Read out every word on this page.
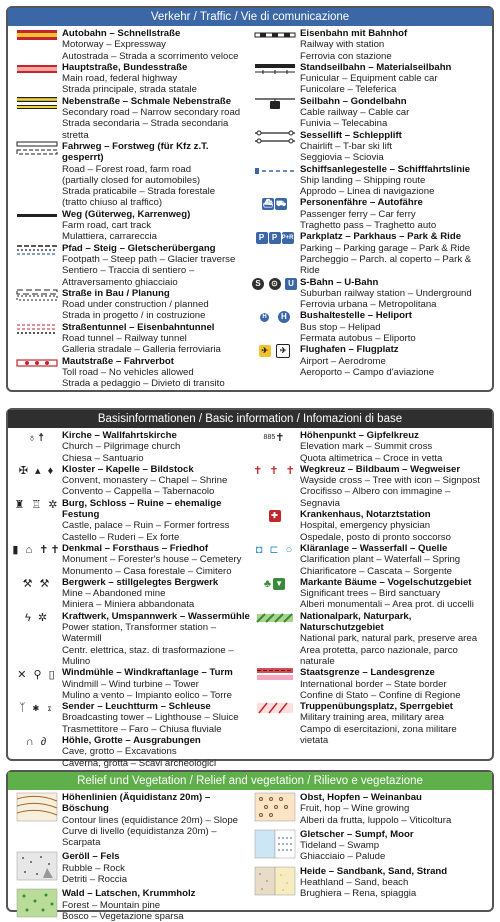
Verkehr / Traffic / Vie di comunicazione
Autobahn – Schnellstraße
Motorway – Expressway
Autostrada – Strada a scorrimento veloce
Hauptstraße, Bundesstraße
Main road, federal highway
Strada principale, strada statale
Nebenstraße – Schmale Nebenstraße
Secondary road – Narrow secondary road
Strada secondaria – Strada secondaria stretta
Fahrweg – Forstweg (für Kfz z.T. gesperrt)
Road – Forest road, farm road
(partially closed for automobiles)
Strada praticabile – Strada forestale
(tratto chiuso al traffico)
Weg (Güterweg, Karrenweg)
Farm road, cart track
Mulattiera, carrareccia
Pfad – Steig – Gletscherübergang
Footpath – Steep path – Glacier traverse
Sentiero – Traccia di sentiero –
Attraversamento ghiacciaio
Straße in Bau / Planung
Road under construction / planned
Strada in progetto / in costruzione
Straßentunnel – Eisenbahntunnel
Road tunnel – Railway tunnel
Galleria stradale – Galleria ferroviaria
Mautstraße – Fahrverbot
Toll road – No vehicles allowed
Strada a pedaggio – Divieto di transito
Eisenbahn mit Bahnhof
Railway with station
Ferrovia con stazione
Standseilbahn – Materialseilbahn
Funicular – Equipment cable car
Funicolare – Teleferica
Seilbahn – Gondelbahn
Cable railway – Cable car
Funivia – Telecabina
Sessellift – Schlepplift
Chairlift – T-bar ski lift
Seggiovia – Sciovia
Schiffsanlegestelle – Schifffahrtslinie
Ship landing – Shipping route
Approdo – Linea di navigazione
⛴ ⛟ Personenfähre – Autofähre
Passenger ferry – Car ferry
Traghetto pass – Traghetto auto
P P P+R Parkplatz – Parkhaus – Park & Ride
Parking – Parking garage – Park & Ride
Parcheggio – Parch. al coperto – Park & Ride
S
	⊙
	U S-Bahn – U-Bahn
Suburban railway station – Underground
Ferrovia urbana – Metropolitana
H
	H	Bushaltestelle – Heliport
Bus stop – Helipad
Fermata autobus – Eliporto
✈
	✈	Flughafen – Flugplatz
Airport – Aerodrome
Aeroporto – Campo d'aviazione
Basisinformationen / Basic information / Infomazioni di base
♁☨ Kirche – Wallfahrtskirche
Church – Pilgrimage church
Chiesa – Santuario
✠ ▴ ♦ Kloster – Kapelle – Bildstock
Convent, monastery – Chapel – Shrine
Convento – Cappella – Tabernacolo
♜ ♖ ✲ Burg, Schloss – Ruine – ehemalige Festung
Castle, palace – Ruin – Former fortress
Castello – Ruderi – Ex forte
▮ ⌂ ✝✝ Denkmal – Forsthaus – Friedhof
Monument – Forester's house – Cemetery
Monumento – Casa forestale – Cimitero
⚒ ⚒ Bergwerk – stillgelegtes Bergwerk
Mine – Abandoned mine
Miniera – Miniera abbandonata
ϟ ✲ Kraftwerk, Umspannwerk – Wassermühle
Power station, Transformer station – Watermill
Centr. elettrica, staz. di trasformazione – Mulino
✕ ⚲ ▯ Windmühle – Windkraftanlage – Turm
Windmill – Wind turbine – Tower
Mulino a vento – Impianto eolico – Torre
ᛉ ✱ ⧖ Sender – Leuchtturm – Schleuse
Broadcasting tower – Lighthouse – Sluice
Trasmettitore – Faro – Chiusa fluviale
∩ ∂ Höhle, Grotte – Ausgrabungen
Cave, grotto – Excavations
Caverna, grotta – Scavi archeologici
885 ✝ Höhenpunkt – Gipfelkreuz
Elevation mark – Summit cross
Quota altimetrica – Croce in vetta
✝ ✝ ✝ Wegkreuz – Bildbaum – Wegweiser
Wayside cross – Tree with icon – Signpost
Crocifisso – Albero con immagine – Segnavia
✚ Krankenhaus, Notarztstation
Hospital, emergency physician
Ospedale, posto di pronto soccorso
◘ ⊏ ○ Kläranlage – Wasserfall – Quelle
Clarification plant – Waterfall – Spring
Chiarificatore – Cascata – Sorgente
♣ ▼ Markante Bäume – Vogelschutzgebiet
Significant trees – Bird sanctuary
Alberi monumentali – Area prot. di uccelli
Nationalpark, Naturpark,
Naturschutzgebiet
National park, natural park, preserve area
Area protetta, parco nazionale, parco naturale
Staatsgrenze – Landesgrenze
International border – State border
Confine di Stato – Confine di Regione
Truppenübungsplatz, Sperrgebiet
Military training area, military area
Campo di esercitazioni, zona militare
vietata
Relief und Vegetation / Relief and vegetation / Rilievo e vegetazione
Höhenlinien (Äquidistanz 20m) – Böschung
Contour lines (equidistance 20m) – Slope
Curve di livello (equidistanza 20m) – Scarpata
Geröll – Fels
Rubble – Rock
Detriti – Roccia
Wald – Latschen, Krummholz
Forest – Mountain pine
Bosco – Vegetazione sparsa
Obst, Hopfen – Weinanbau
Fruit, hop – Wine growing
Alberi da frutta, luppolo – Viticoltura
Gletscher – Sumpf, Moor
Tideland – Swamp
Ghiacciaio – Palude
Heide – Sandbank, Sand, Strand
Heathland – Sand, beach
Brughiera – Rena, spiaggia
